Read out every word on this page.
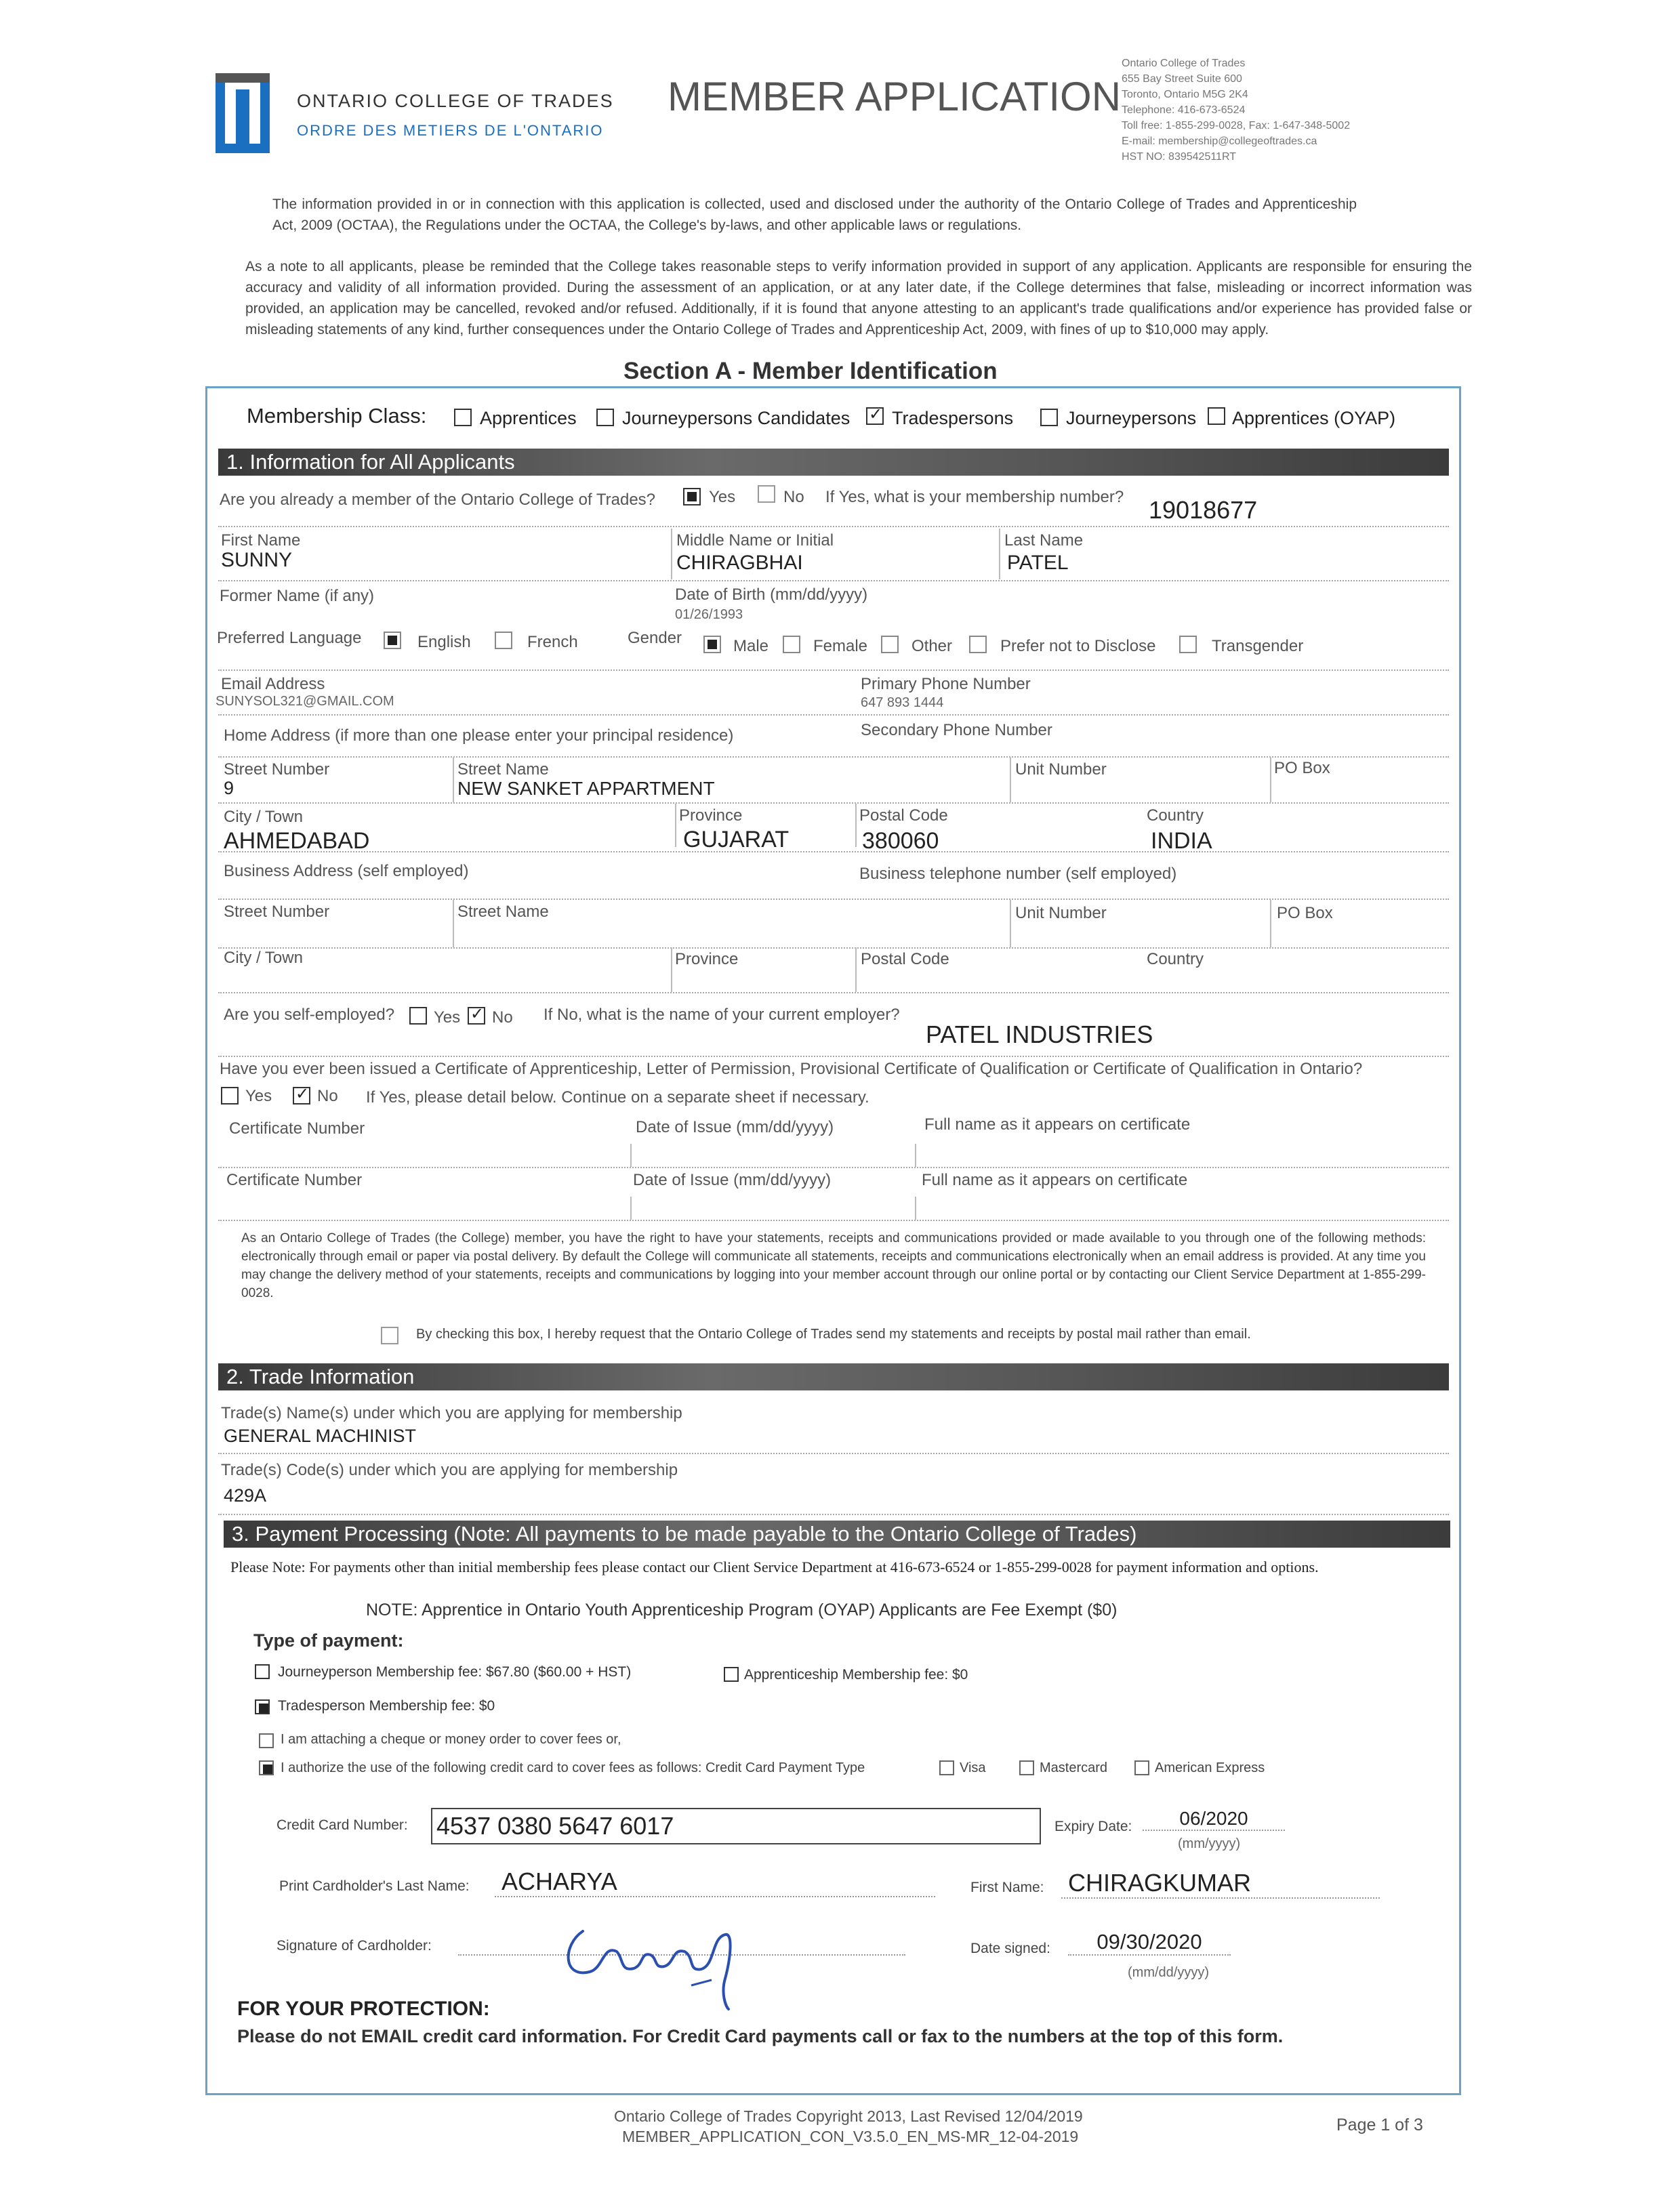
ONTARIO COLLEGE OF TRADES
ORDRE DES METIERS DE L'ONTARIO
MEMBER APPLICATION
Ontario College of Trades
655 Bay Street Suite 600
Toronto, Ontario M5G 2K4
Telephone: 416-673-6524
Toll free: 1-855-299-0028, Fax: 1-647-348-5002
E-mail: membership@collegeoftrades.ca
HST NO: 839542511RT
The information provided in or in connection with this application is collected, used and disclosed under the authority of the Ontario College of Trades and Apprenticeship Act, 2009 (OCTAA), the Regulations under the OCTAA, the College's by-laws, and other applicable laws or regulations.
As a note to all applicants, please be reminded that the College takes reasonable steps to verify information provided in support of any application. Applicants are responsible for ensuring the accuracy and validity of all information provided. During the assessment of an application, or at any later date, if the College determines that false, misleading or incorrect information was provided, an application may be cancelled, revoked and/or refused. Additionally, if it is found that anyone attesting to an applicant's trade qualifications and/or experience has provided false or misleading statements of any kind, further consequences under the Ontario College of Trades and Apprenticeship Act, 2009, with fines of up to $10,000 may apply.
Section A - Member Identification
Membership Class:	Apprentices Journeypersons Candidates ✓ Tradespersons	Journeypersons Apprentices (OYAP)
1. Information for All Applicants
Are you already a member of the Ontario College of Trades?	Yes	No If Yes, what is your membership number? 19018677
First Name
SUNNY
Middle Name or Initial
CHIRAGBHAI
Last Name
PATEL
Former Name (if any)	Date of Birth (mm/dd/yyyy)
01/26/1993
Preferred Language	English	French	Gender	Male	Female	Other	Prefer not to Disclose	Transgender
Email Address
SUNYSOL321@GMAIL.COM
Primary Phone Number
647 893 1444
Home Address (if more than one please enter your principal residence)	Secondary Phone Number
Street Number
9
Street Name
NEW SANKET APPARTMENT
Unit Number	PO Box
City / Town
AHMEDABAD
Province
GUJARAT
Postal Code
380060
Country
INDIA
Business Address (self employed)	Business telephone number (self employed)
Street Number	Street Name	Unit Number	PO Box
City / Town	Province	Postal Code	Country
Are you self-employed? Yes ✓ No If No, what is the name of your current employer?
PATEL INDUSTRIES
Have you ever been issued a Certificate of Apprenticeship, Letter of Permission, Provisional Certificate of Qualification or Certificate of Qualification in Ontario?
Yes ✓	No If Yes, please detail below. Continue on a separate sheet if necessary.
Certificate Number	Date of Issue (mm/dd/yyyy)	Full name as it appears on certificate
Certificate Number	Date of Issue (mm/dd/yyyy)	Full name as it appears on certificate
As an Ontario College of Trades (the College) member, you have the right to have your statements, receipts and communications provided or made available to you through one of the following methods: electronically through email or paper via postal delivery. By default the College will communicate all statements, receipts and communications electronically when an email address is provided. At any time you may change the delivery method of your statements, receipts and communications by logging into your member account through our online portal or by contacting our Client Service Department at 1-855-299-0028.
By checking this box, I hereby request that the Ontario College of Trades send my statements and receipts by postal mail rather than email.
2. Trade Information
Trade(s) Name(s) under which you are applying for membership
GENERAL MACHINIST
Trade(s) Code(s) under which you are applying for membership
429A
3. Payment Processing (Note: All payments to be made payable to the Ontario College of Trades)
Please Note: For payments other than initial membership fees please contact our Client Service Department at 416-673-6524 or 1-855-299-0028 for payment information and options.
NOTE: Apprentice in Ontario Youth Apprenticeship Program (OYAP) Applicants are Fee Exempt ($0)
Type of payment:
Journeyperson Membership fee: $67.80 ($60.00 + HST)	Apprenticeship Membership fee: $0
Tradesperson Membership fee: $0
I am attaching a cheque or money order to cover fees or,
I authorize the use of the following credit card to cover fees as follows: Credit Card Payment Type	Visa	Mastercard	American Express
Credit Card Number: 4537 0380 5647 6017	Expiry Date:	06/2020
(mm/yyyy)
Print Cardholder's Last Name: ACHARYA	First Name: CHIRAGKUMAR
Signature of Cardholder:	Date signed:	09/30/2020
(mm/dd/yyyy)
FOR YOUR PROTECTION:
Please do not EMAIL credit card information. For Credit Card payments call or fax to the numbers at the top of this form.
Ontario College of Trades Copyright 2013, Last Revised 12/04/2019
MEMBER_APPLICATION_CON_V3.5.0_EN_MS-MR_12-04-2019
Page 1 of 3
